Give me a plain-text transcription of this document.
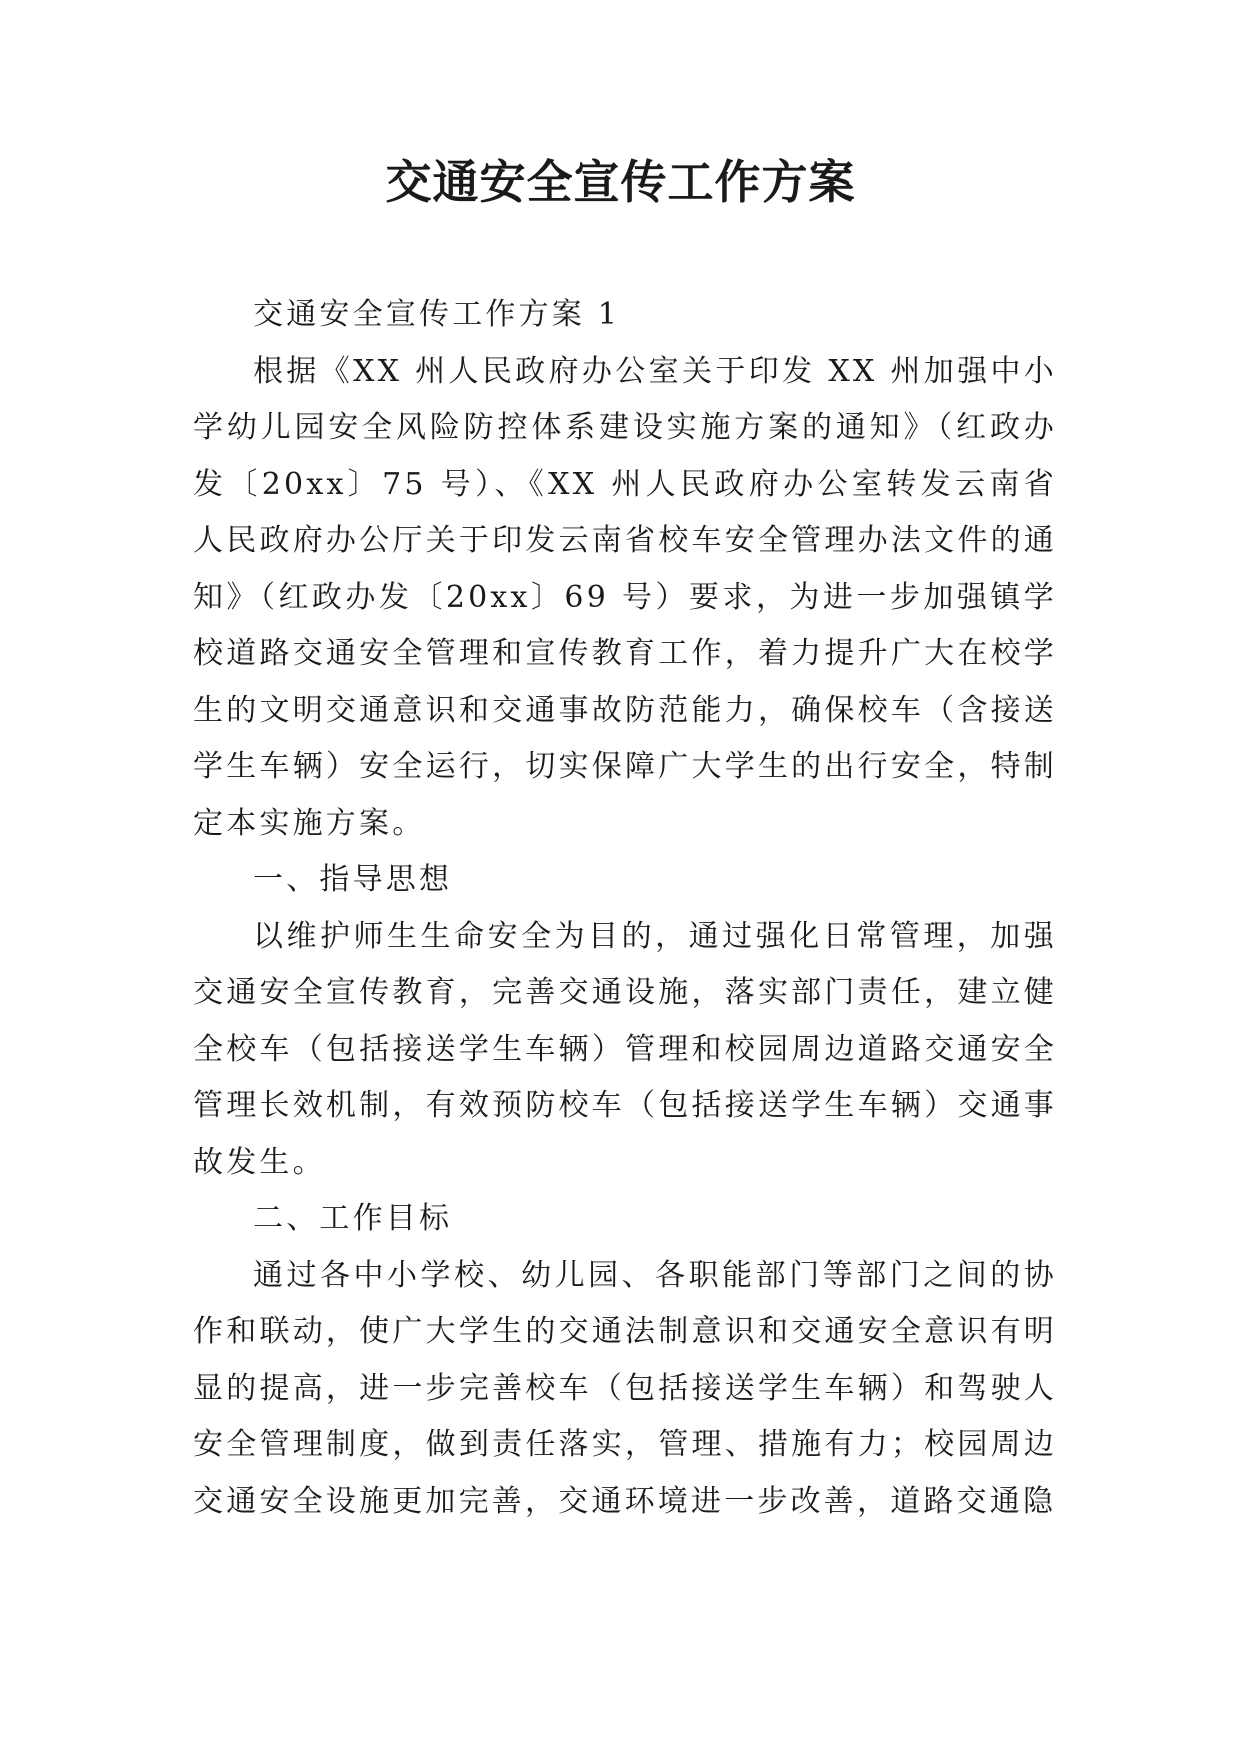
交通安全宣传工作方案

交通安全宣传工作方案 1

根据《XX 州人民政府办公室关于印发 XX 州加强中小学幼儿园安全风险防控体系建设实施方案的通知》（红政办发〔20xx〕75 号）、《XX 州人民政府办公室转发云南省人民政府办公厅关于印发云南省校车安全管理办法文件的通知》（红政办发〔20xx〕69 号）要求，为进一步加强镇学校道路交通安全管理和宣传教育工作，着力提升广大在校学生的文明交通意识和交通事故防范能力，确保校车（含接送学生车辆）安全运行，切实保障广大学生的出行安全，特制定本实施方案。

一、指导思想

以维护师生生命安全为目的，通过强化日常管理，加强交通安全宣传教育，完善交通设施，落实部门责任，建立健全校车（包括接送学生车辆）管理和校园周边道路交通安全管理长效机制，有效预防校车（包括接送学生车辆）交通事故发生。

二、工作目标

通过各中小学校、幼儿园、各职能部门等部门之间的协作和联动，使广大学生的交通法制意识和交通安全意识有明显的提高，进一步完善校车（包括接送学生车辆）和驾驶人安全管理制度，做到责任落实，管理、措施有力；校园周边交通安全设施更加完善，交通环境进一步改善，道路交通隐
